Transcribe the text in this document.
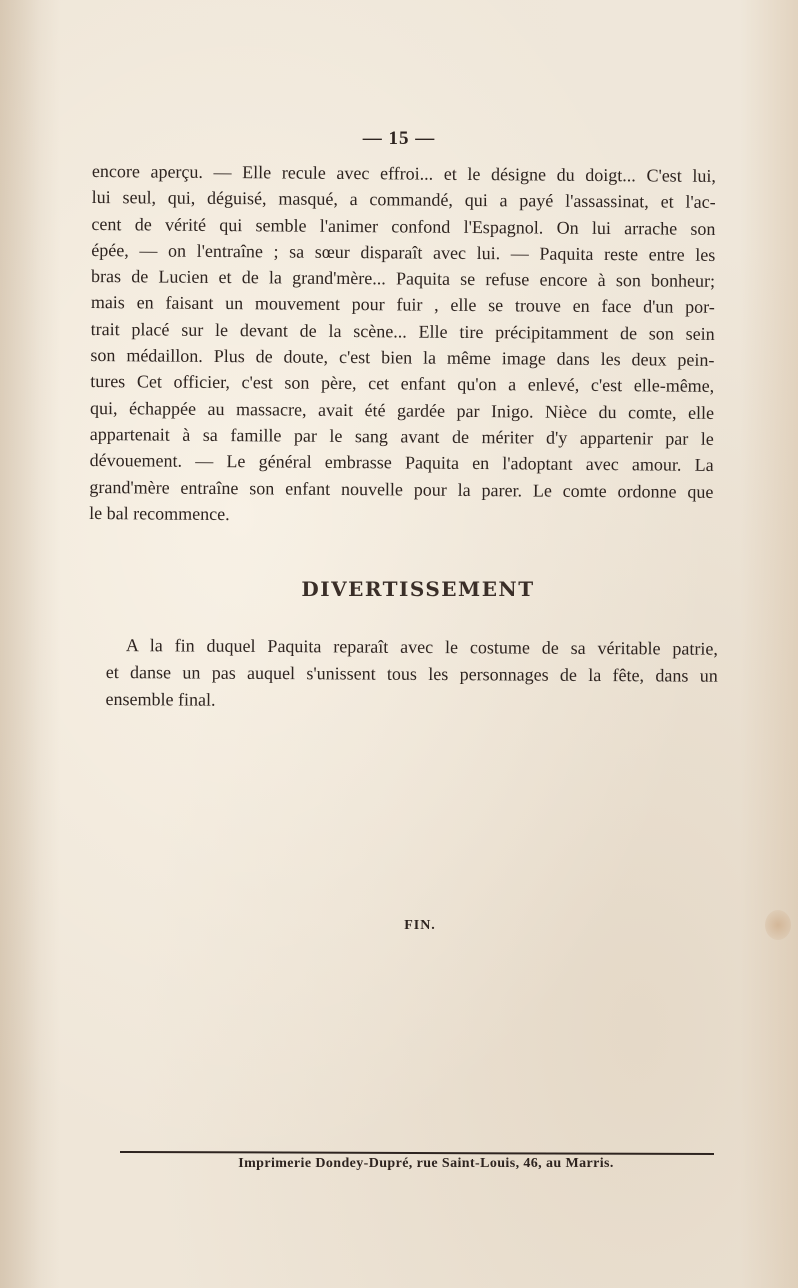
— 15 —
encore aperçu. — Elle recule avec effroi... et le désigne du doigt... C'est lui,
lui seul, qui, déguisé, masqué, a commandé, qui a payé l'assassinat, et l'ac-
cent de vérité qui semble l'animer confond l'Espagnol. On lui arrache son
épée, — on l'entraîne ; sa sœur disparaît avec lui. — Paquita reste entre les
bras de Lucien et de la grand'mère... Paquita se refuse encore à son bonheur;
mais en faisant un mouvement pour fuir , elle se trouve en face d'un por-
trait placé sur le devant de la scène... Elle tire précipitamment de son sein
son médaillon. Plus de doute, c'est bien la même image dans les deux pein-
tures Cet officier, c'est son père, cet enfant qu'on a enlevé, c'est elle-même,
qui, échappée au massacre, avait été gardée par Inigo. Nièce du comte, elle
appartenait à sa famille par le sang avant de mériter d'y appartenir par le
dévouement. — Le général embrasse Paquita en l'adoptant avec amour. La
grand'mère entraîne son enfant nouvelle pour la parer. Le comte ordonne que
le bal recommence.
DIVERTISSEMENT
A la fin duquel Paquita reparaît avec le costume de sa véritable patrie,
et danse un pas auquel s'unissent tous les personnages de la fête, dans un
ensemble final.
FIN.
Imprimerie Dondey-Dupré, rue Saint-Louis, 46, au Marris.
